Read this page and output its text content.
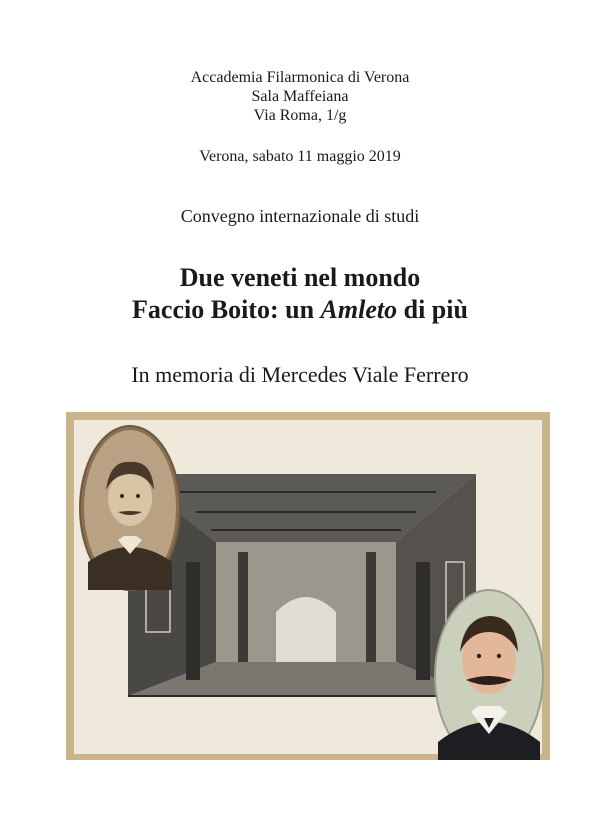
Accademia Filarmonica di Verona
Sala Maffeiana
Via Roma, 1/g
Verona, sabato 11 maggio 2019
Convegno internazionale di studi
Due veneti nel mondo
Faccio Boito: un Amleto di più
In memoria di Mercedes Viale Ferrero
